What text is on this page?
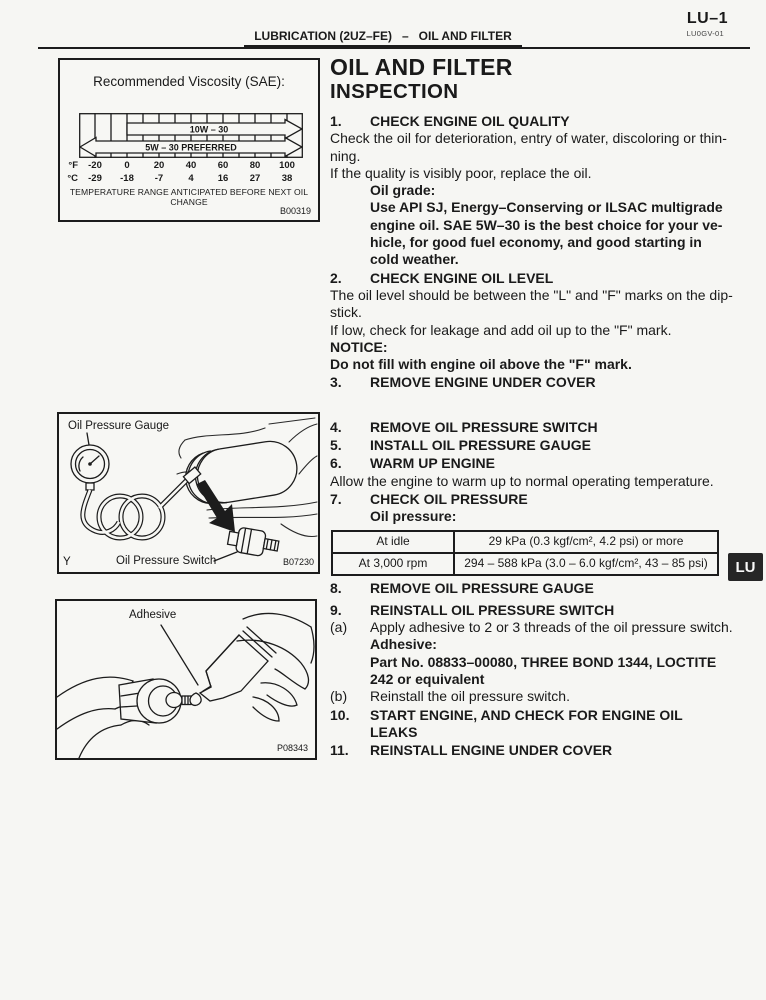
LU–1
LUBRICATION (2UZ–FE)   –   OIL AND FILTER
LU
LU0GV-01
Recommended Viscosity (SAE):
10W – 30
5W – 30 PREFERRED
°F	-20	0	20	40	60	80	100
°C	-29	-18	-7	4	16	27	38
TEMPERATURE RANGE ANTICIPATED BEFORE NEXT OIL CHANGE
B00319
Oil Pressure Gauge
Oil Pressure Switch
Y	B07230
Adhesive
P08343
OIL AND FILTER
INSPECTION
1.	CHECK ENGINE OIL QUALITY
Check the oil for deterioration, entry of water, discoloring or thin-
ning.
If the quality is visibly poor, replace the oil.
Oil grade:
Use API SJ, Energy–Conserving or ILSAC multigrade
engine oil. SAE 5W–30 is the best choice for your ve-
hicle, for good fuel economy, and good starting in
cold weather.
2.	CHECK ENGINE OIL LEVEL
The oil level should be between the "L" and "F" marks on the dip-
stick.
If low, check for leakage and add oil up to the "F" mark.
NOTICE:
Do not fill with engine oil above the "F" mark.
3.	REMOVE ENGINE UNDER COVER
4.	REMOVE OIL PRESSURE SWITCH
5.	INSTALL OIL PRESSURE GAUGE
6.	WARM UP ENGINE
Allow the engine to warm up to normal operating temperature.
7.	CHECK OIL PRESSURE
Oil pressure:
At idle	29 kPa (0.3 kgf/cm², 4.2 psi) or more
At 3,000 rpm	294 – 588 kPa (3.0 – 6.0 kgf/cm², 43 – 85 psi)
8.	REMOVE OIL PRESSURE GAUGE
9.	REINSTALL OIL PRESSURE SWITCH
(a)	Apply adhesive to 2 or 3 threads of the oil pressure switch.
Adhesive:
Part No. 08833–00080, THREE BOND 1344, LOCTITE
242 or equivalent
(b)	Reinstall the oil pressure switch.
10.	START ENGINE, AND CHECK FOR ENGINE OIL
LEAKS
11.	REINSTALL ENGINE UNDER COVER
